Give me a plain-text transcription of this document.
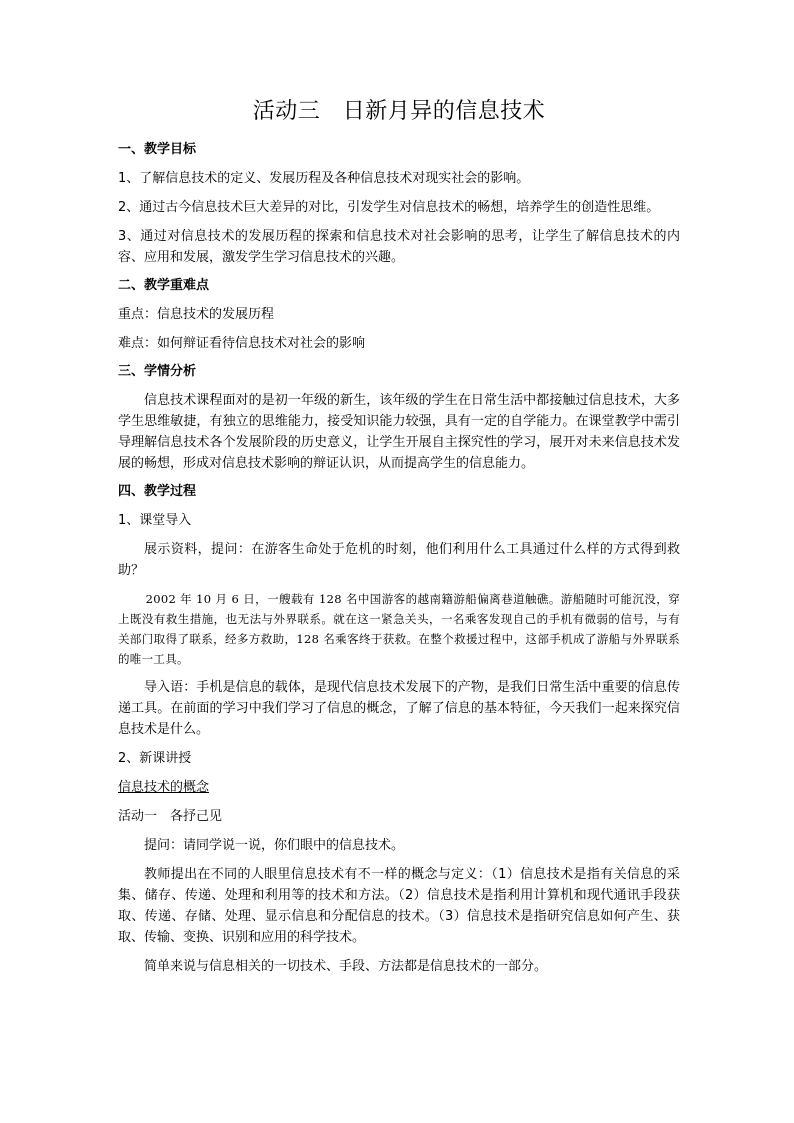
活动三　日新月异的信息技术
一、教学目标
1、了解信息技术的定义、发展历程及各种信息技术对现实社会的影响。
2、通过古今信息技术巨大差异的对比，引发学生对信息技术的畅想，培养学生的创造性思维。
3、通过对信息技术的发展历程的探索和信息技术对社会影响的思考，让学生了解信息技术的内容、应用和发展，激发学生学习信息技术的兴趣。
二、教学重难点
重点：信息技术的发展历程
难点：如何辩证看待信息技术对社会的影响
三、学情分析
信息技术课程面对的是初一年级的新生，该年级的学生在日常生活中都接触过信息技术，大多学生思维敏捷，有独立的思维能力，接受知识能力较强，具有一定的自学能力。在课堂教学中需引导理解信息技术各个发展阶段的历史意义，让学生开展自主探究性的学习，展开对未来信息技术发展的畅想，形成对信息技术影响的辩证认识，从而提高学生的信息能力。
四、教学过程
1、课堂导入
展示资料，提问：在游客生命处于危机的时刻，他们利用什么工具通过什么样的方式得到救助？
2002 年 10 月 6 日，一艘载有 128 名中国游客的越南籍游船偏离巷道触礁。游船随时可能沉没，穿上既没有救生措施，也无法与外界联系。就在这一紧急关头，一名乘客发现自己的手机有微弱的信号，与有关部门取得了联系，经多方救助，128 名乘客终于获救。在整个救援过程中，这部手机成了游船与外界联系的唯一工具。
导入语：手机是信息的载体，是现代信息技术发展下的产物，是我们日常生活中重要的信息传递工具。在前面的学习中我们学习了信息的概念，了解了信息的基本特征，今天我们一起来探究信息技术是什么。
2、新课讲授
信息技术的概念
活动一　各抒己见
提问：请同学说一说，你们眼中的信息技术。
教师提出在不同的人眼里信息技术有不一样的概念与定义：（1）信息技术是指有关信息的采集、储存、传递、处理和利用等的技术和方法。（2）信息技术是指利用计算机和现代通讯手段获取、传递、存储、处理、显示信息和分配信息的技术。（3）信息技术是指研究信息如何产生、获取、传输、变换、识别和应用的科学技术。
简单来说与信息相关的一切技术、手段、方法都是信息技术的一部分。
